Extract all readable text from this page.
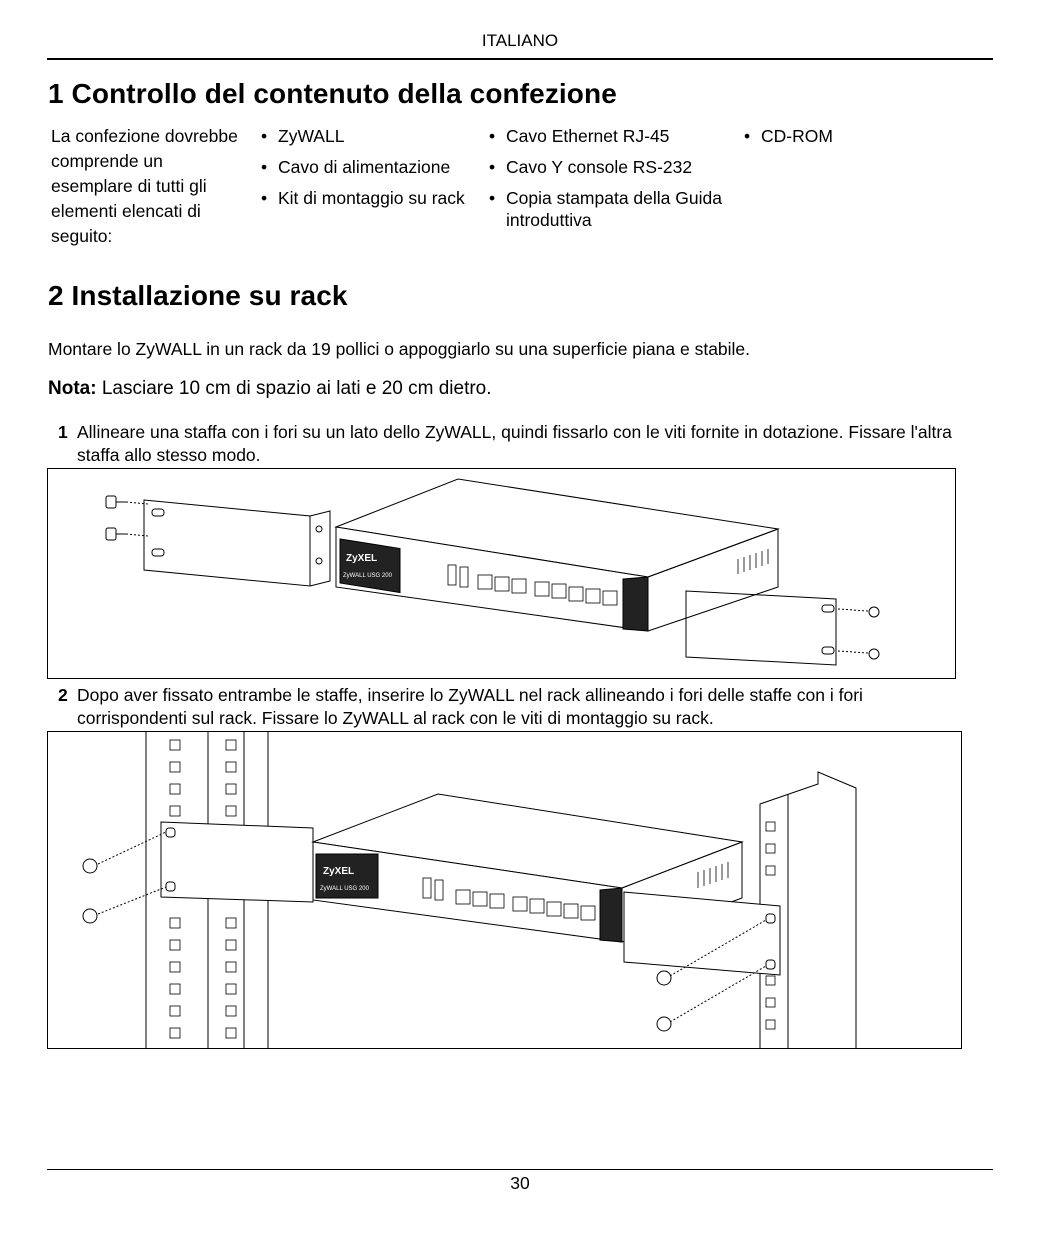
ITALIANO
1 Controllo del contenuto della confezione
La confezione dovrebbe comprende un esemplare di tutti gli elementi elencati di seguito:
• ZyWALL
• Cavo di alimentazione
• Kit di montaggio su rack
• Cavo Ethernet RJ-45
• Cavo Y console RS-232
• Copia stampata della Guida introduttiva
• CD-ROM
2 Installazione su rack
Montare lo ZyWALL in un rack da 19 pollici o appoggiarlo su una superficie piana e stabile.
Nota: Lasciare 10 cm di spazio ai lati e 20 cm dietro.
1 Allineare una staffa con i fori su un lato dello ZyWALL, quindi fissarlo con le viti fornite in dotazione. Fissare l'altra staffa allo stesso modo.
ZyXEL
ZyWALL USG 200
2 Dopo aver fissato entrambe le staffe, inserire lo ZyWALL nel rack allineando i fori delle staffe con i fori corrispondenti sul rack. Fissare lo ZyWALL al rack con le viti di montaggio su rack.
ZyXEL
ZyWALL USG 200
30
